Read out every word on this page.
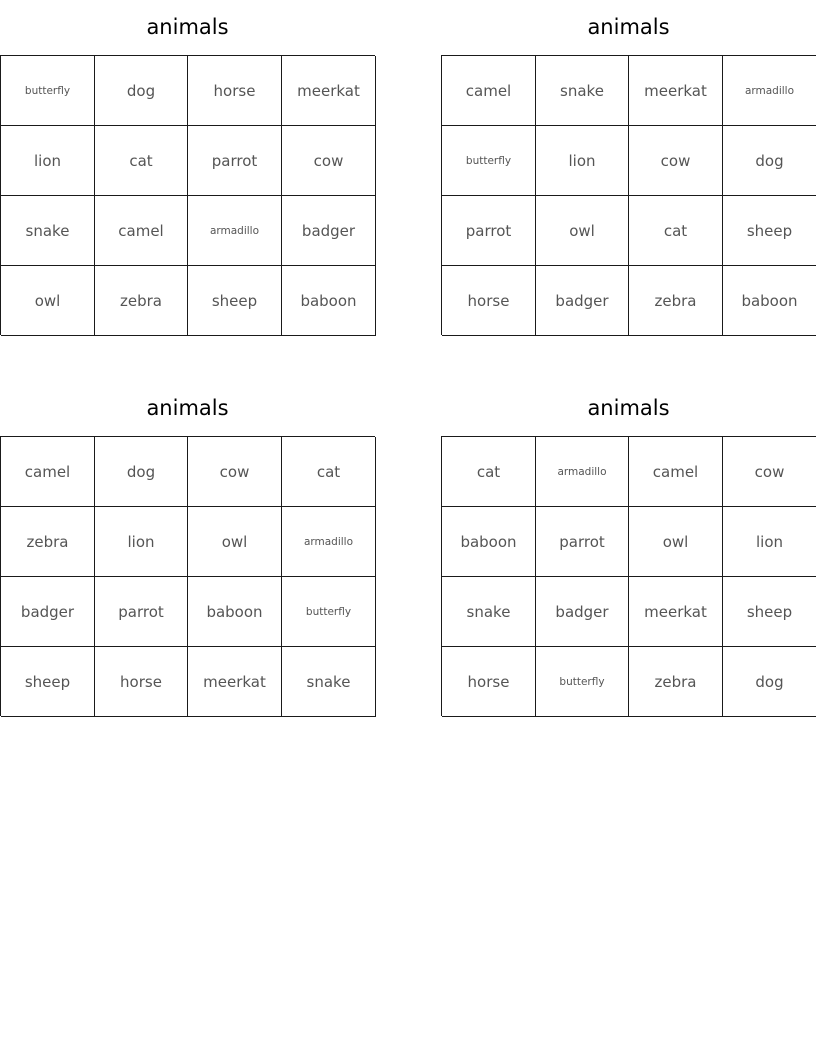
animals
butterfly	dog	horse	meerkat
lion	cat	parrot	cow
snake	camel	armadillo	badger
owl	zebra	sheep	baboon
animals
camel	snake	meerkat	armadillo
butterfly	lion	cow	dog
parrot	owl	cat	sheep
horse	badger	zebra	baboon
animals
camel	dog	cow	cat
zebra	lion	owl	armadillo
badger	parrot	baboon	butterfly
sheep	horse	meerkat	snake
animals
cat	armadillo	camel	cow
baboon	parrot	owl	lion
snake	badger	meerkat	sheep
horse	butterfly	zebra	dog
